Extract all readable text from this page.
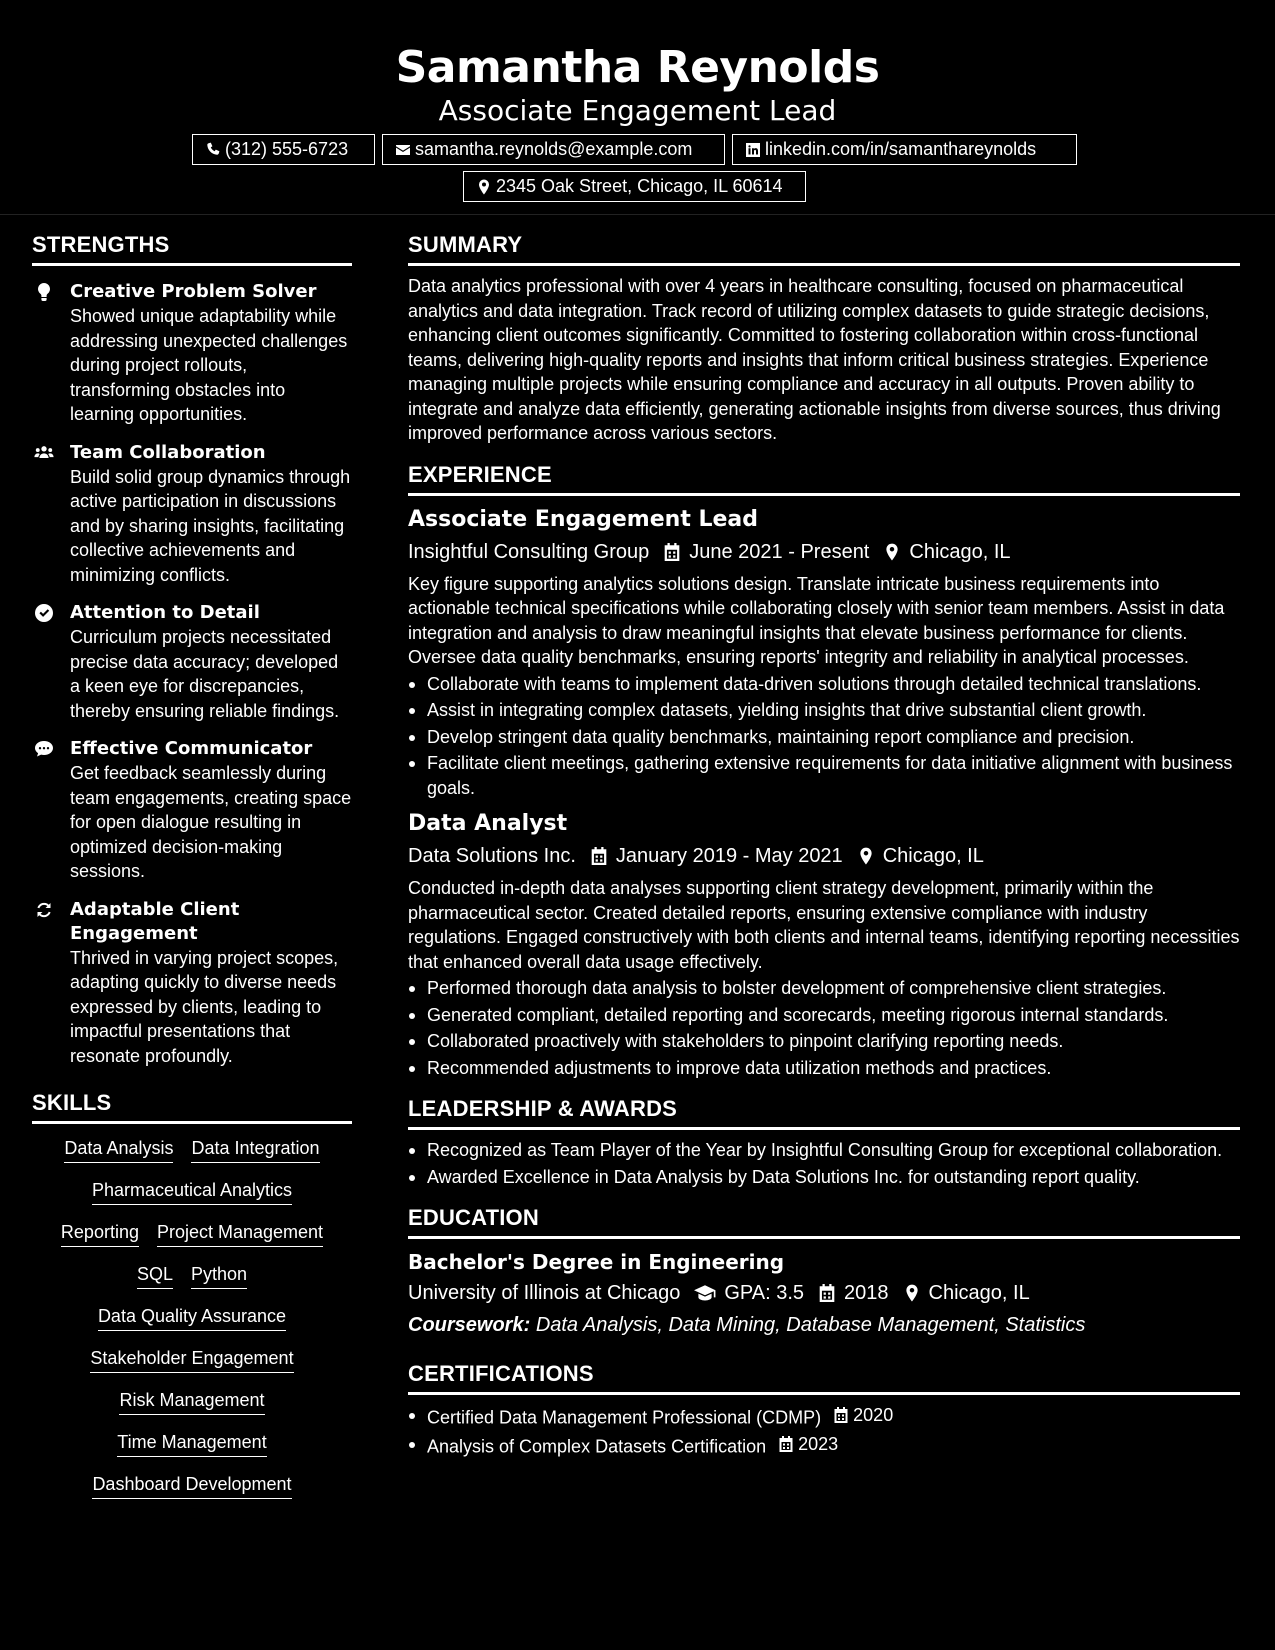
Samantha Reynolds
Associate Engagement Lead
(312) 555-6723	samantha.reynolds@example.com	linkedin.com/in/samanthareynolds
2345 Oak Street, Chicago, IL 60614
STRENGTHS
Creative Problem Solver
Showed unique adaptability while addressing unexpected challenges during project rollouts, transforming obstacles into learning opportunities.
Team Collaboration
Build solid group dynamics through active participation in discussions and by sharing insights, facilitating collective achievements and minimizing conflicts.
Attention to Detail
Curriculum projects necessitated precise data accuracy; developed a keen eye for discrepancies, thereby ensuring reliable findings.
Effective Communicator
Get feedback seamlessly during team engagements, creating space for open dialogue resulting in optimized decision-making sessions.
Adaptable Client Engagement
Thrived in varying project scopes, adapting quickly to diverse needs expressed by clients, leading to impactful presentations that resonate profoundly.
SKILLS
Data Analysis Data Integration
Pharmaceutical Analytics
Reporting Project Management
SQL Python
Data Quality Assurance
Stakeholder Engagement
Risk Management
Time Management
Dashboard Development
SUMMARY
Data analytics professional with over 4 years in healthcare consulting, focused on pharmaceutical analytics and data integration. Track record of utilizing complex datasets to guide strategic decisions, enhancing client outcomes significantly. Committed to fostering collaboration within cross-functional teams, delivering high-quality reports and insights that inform critical business strategies. Experience managing multiple projects while ensuring compliance and accuracy in all outputs. Proven ability to integrate and analyze data efficiently, generating actionable insights from diverse sources, thus driving improved performance across various sectors.
EXPERIENCE
Associate Engagement Lead
Insightful Consulting Group June 2021 - Present Chicago, IL
Key figure supporting analytics solutions design. Translate intricate business requirements into actionable technical specifications while collaborating closely with senior team members. Assist in data integration and analysis to draw meaningful insights that elevate business performance for clients. Oversee data quality benchmarks, ensuring reports' integrity and reliability in analytical processes.
Collaborate with teams to implement data-driven solutions through detailed technical translations.
Assist in integrating complex datasets, yielding insights that drive substantial client growth.
Develop stringent data quality benchmarks, maintaining report compliance and precision.
Facilitate client meetings, gathering extensive requirements for data initiative alignment with business goals.
Data Analyst
Data Solutions Inc. January 2019 - May 2021 Chicago, IL
Conducted in-depth data analyses supporting client strategy development, primarily within the pharmaceutical sector. Created detailed reports, ensuring extensive compliance with industry regulations. Engaged constructively with both clients and internal teams, identifying reporting necessities that enhanced overall data usage effectively.
Performed thorough data analysis to bolster development of comprehensive client strategies.
Generated compliant, detailed reporting and scorecards, meeting rigorous internal standards.
Collaborated proactively with stakeholders to pinpoint clarifying reporting needs.
Recommended adjustments to improve data utilization methods and practices.
LEADERSHIP & AWARDS
Recognized as Team Player of the Year by Insightful Consulting Group for exceptional collaboration.
Awarded Excellence in Data Analysis by Data Solutions Inc. for outstanding report quality.
EDUCATION
Bachelor's Degree in Engineering
University of Illinois at Chicago GPA: 3.5 2018 Chicago, IL
Coursework: Data Analysis, Data Mining, Database Management, Statistics
CERTIFICATIONS
Certified Data Management Professional (CDMP) 2020
Analysis of Complex Datasets Certification 2023
